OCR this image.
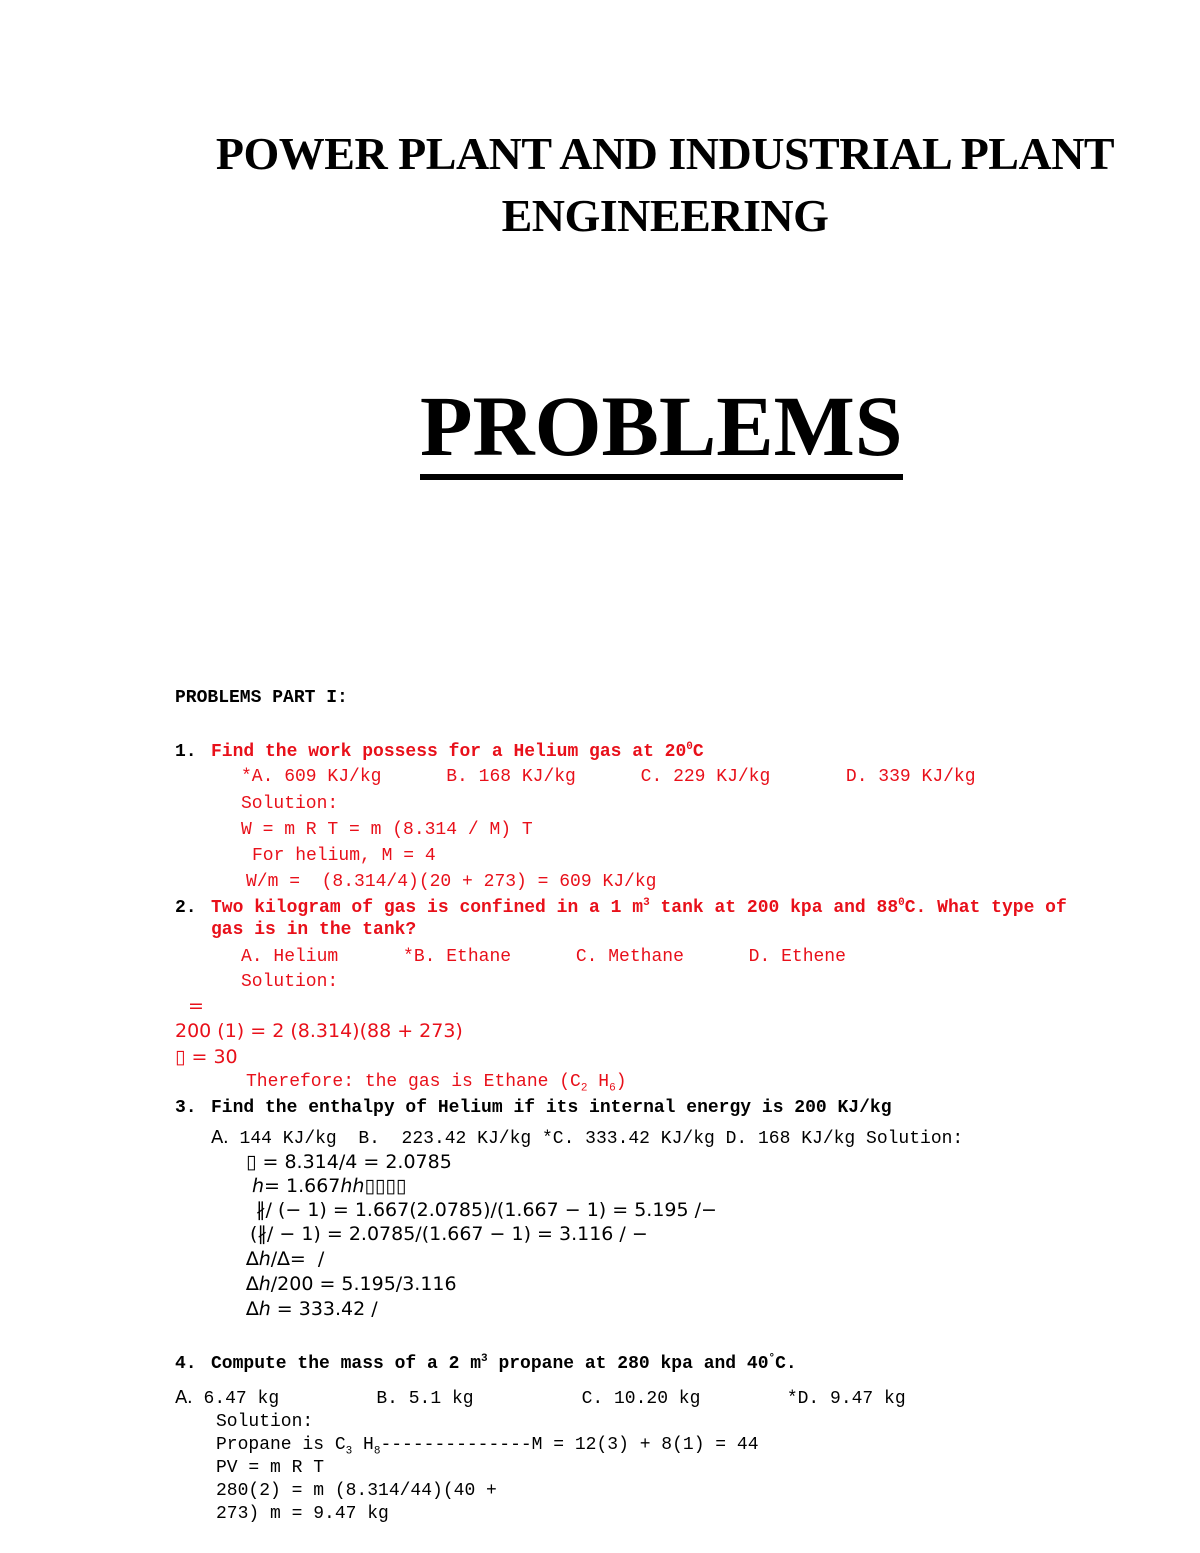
POWER PLANT AND INDUSTRIAL PLANT
ENGINEERING
PROBLEMS
PROBLEMS PART I:
1. Find the work possess for a Helium gas at $20^0C$
*A. 609 KJ/kg      B. 168 KJ/kg      C. 229 KJ/kg       D. 339 KJ/kg
Solution:
W = m R T = m (8.314 / M) T
For helium, M = 4
W/m =  (8.314/4)(20 + 273) = 609 KJ/kg
2. Two kilogram of gas is confined in a 1 $m^3$ tank at 200 kpa and $88^0C$. What type of
gas is in the tank?
A. Helium      *B. Ethane      C. Methane      D. Ethene
Solution:
=
200 (1) = 2 (8.314)(88 + 273)
▯ = 30
Therefore: the gas is Ethane ($C_2$ $H_6$)
3. Find the enthalpy of Helium if its internal energy is 200 KJ/kg
A. 144 KJ/kg  B.  223.42 KJ/kg *C. 333.42 KJ/kg D. 168 KJ/kg Solution:
▯ = 8.314/4 = 2.0785
ℎ= 1.667ℎℎ▯▯▯▯
∦/ (− 1) = 1.667(2.0785)/(1.667 − 1) = 5.195 /−
(∦/ − 1) = 2.0785/(1.667 − 1) = 3.116 / −
∆ℎ/∆=  /
∆ℎ/200 = 5.195/3.116
∆ℎ = 333.42 /
4. Compute the mass of a 2 $m^3$ propane at 280 kpa and 40°C.
A. 6.47 kg         B. 5.1 kg          C. 10.20 kg        *D. 9.47 kg
Solution:
Propane is $C_3$ $H_8--------------M = 12(3) + 8(1) = 44$
PV = m R T
280(2) = m (8.314/44)(40 +
273) m = 9.47 kg
